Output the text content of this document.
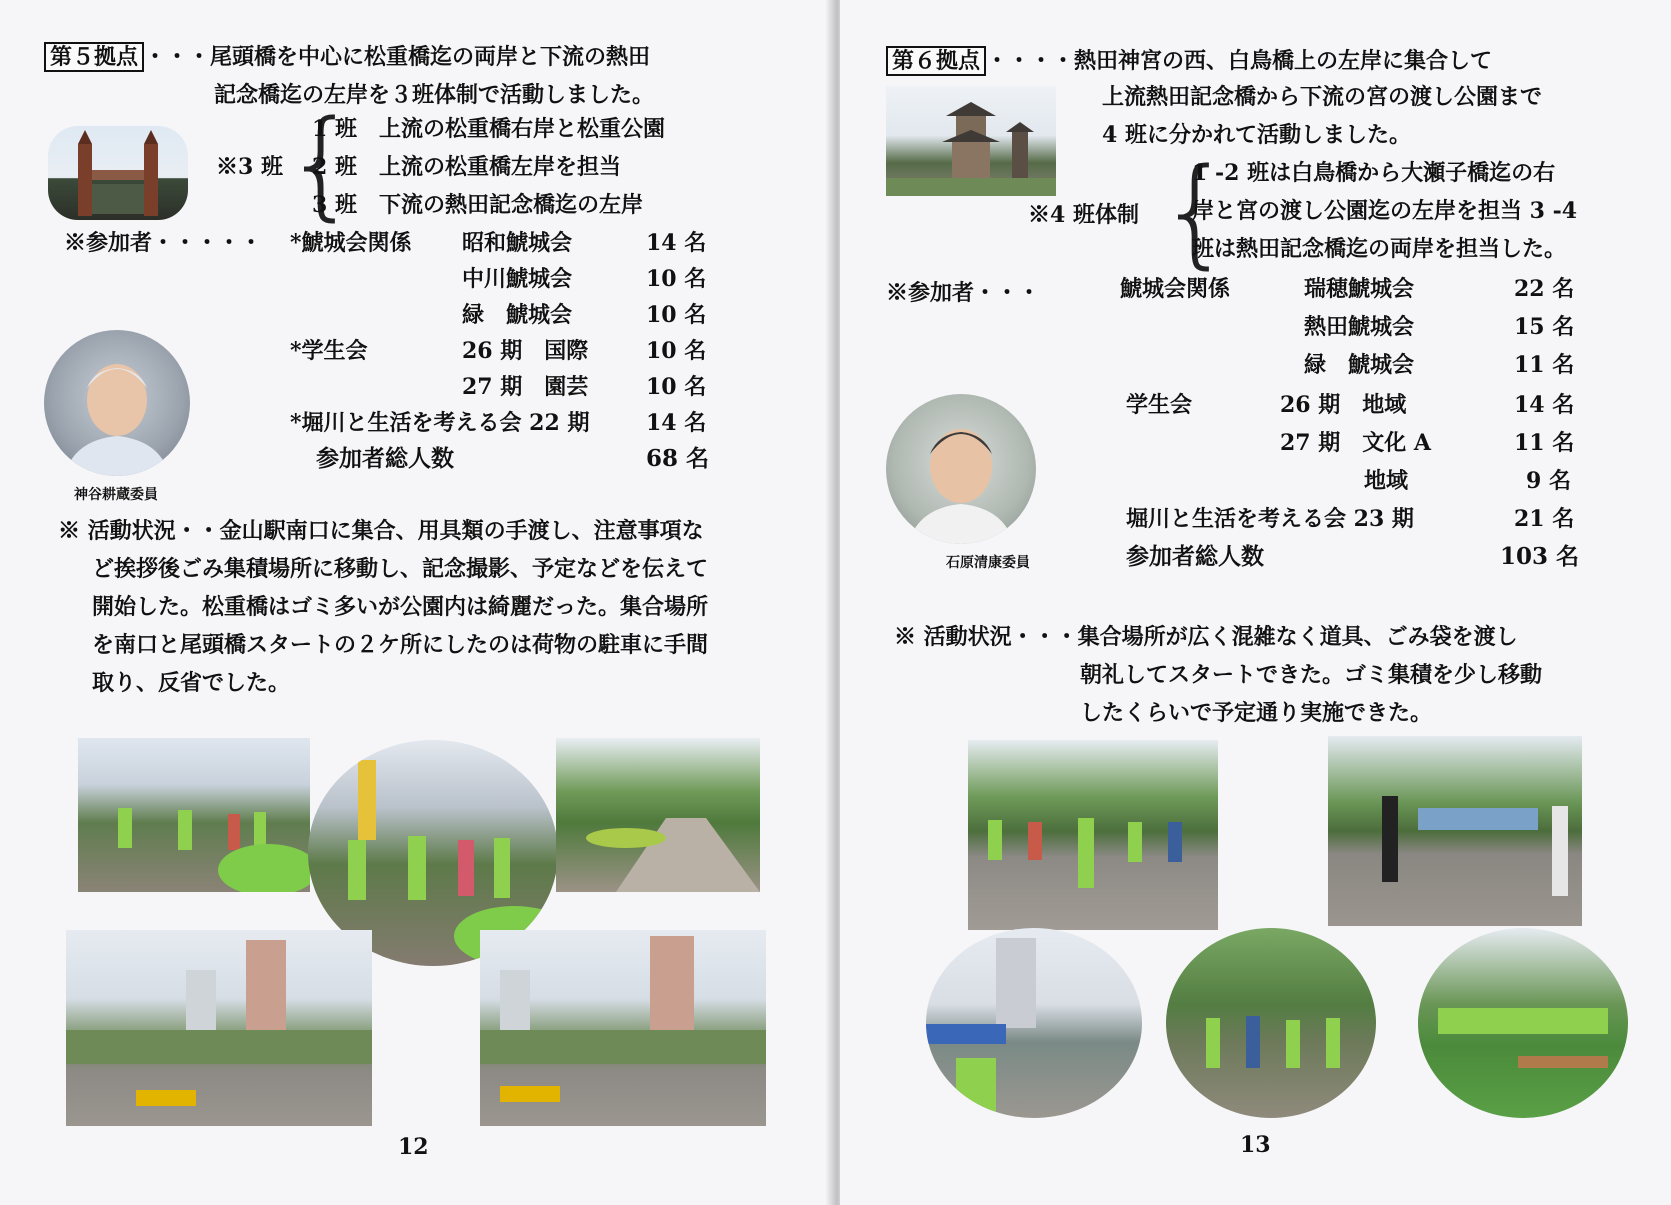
第５拠点 ・・・尾頭橋を中心に松重橋迄の両岸と下流の熱田
記念橋迄の左岸を３班体制で活動しました。
※3 班 {
1 班　上流の松重橋右岸と松重公園
2 班　上流の松重橋左岸を担当
3 班　下流の熱田記念橋迄の左岸
※参加者・・・・・ *鯱城会関係 昭和鯱城会	14 名
中川鯱城会	10 名
緑　鯱城会	10 名
*学生会	26 期　国際	10 名
27 期　園芸	10 名
*堀川と生活を考える会 22 期	14 名
参加者総人数	68 名
神谷耕蔵委員
※ 活動状況・・金山駅南口に集合、用具類の手渡し、注意事項な
ど挨拶後ごみ集積場所に移動し、記念撮影、予定などを伝えて
開始した。松重橋はゴミ多いが公園内は綺麗だった。集合場所
を南口と尾頭橋スタートの２ケ所にしたのは荷物の駐車に手間
取り、反省でした。
12
第６拠点 ・・・・熱田神宮の西、白鳥橋上の左岸に集合して
上流熱田記念橋から下流の宮の渡し公園まで
4 班に分かれて活動しました。
※4 班体制 {
1 -2 班は白鳥橋から大瀬子橋迄の右
岸と宮の渡し公園迄の左岸を担当 3 -4
班は熱田記念橋迄の両岸を担当した。
※参加者・・・	鯱城会関係	瑞穂鯱城会	22 名
熱田鯱城会	15 名
緑　鯱城会	11 名
学生会	26 期　地域	14 名
27 期　文化 A	11 名
地域	9 名
堀川と生活を考える会 23 期	21 名
参加者総人数	103 名
石原清康委員
※ 活動状況・・・集合場所が広く混雑なく道具、ごみ袋を渡し
朝礼してスタートできた。ゴミ集積を少し移動
したくらいで予定通り実施できた。
13
